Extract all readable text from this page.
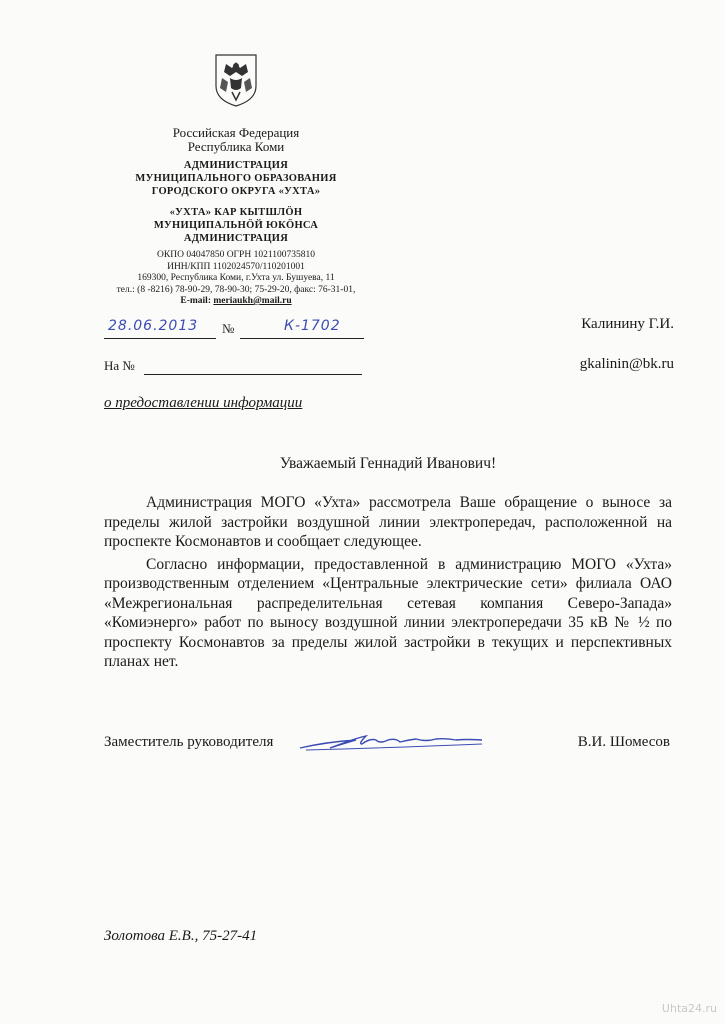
Российская Федерация
Республика Коми
АДМИНИСТРАЦИЯ
МУНИЦИПАЛЬНОГО ОБРАЗОВАНИЯ
ГОРОДСКОГО ОКРУГА «УХТА»
«УХТА» КАР КЫТШЛӦН
МУНИЦИПАЛЬНӦЙ ЮКӦНСА
АДМИНИСТРАЦИЯ
ОКПО 04047850 ОГРН 1021100735810
ИНН/КПП 1102024570/110201001
169300, Республика Коми, г.Ухта ул. Бушуева, 11
тел.: (8 -8216) 78-90-29, 78-90-30; 75-29-20, факс: 76-31-01,
E-mail: meriaukh@mail.ru
28.06.2013 №	К-1702
На №
Калинину Г.И.
gkalinin@bk.ru
о предоставлении информации
Уважаемый Геннадий Иванович!

Администрация МОГО «Ухта» рассмотрела Ваше обращение о выносе за пределы жилой застройки воздушной линии электропередач, расположенной на проспекте Космонавтов и сообщает следующее.

Согласно информации, предоставленной в администрацию МОГО «Ухта» производственным отделением «Центральные электрические сети» филиала ОАО «Межрегиональная распределительная сетевая компания Северо-Запада» «Комиэнерго» работ по выносу воздушной линии электропередачи 35 кВ № ½ по проспекту Космонавтов за пределы жилой застройки в текущих и перспективных планах нет.

Заместитель руководителя	В.И. Шомесов
Золотова Е.В., 75-27-41
Uhta24.ru
